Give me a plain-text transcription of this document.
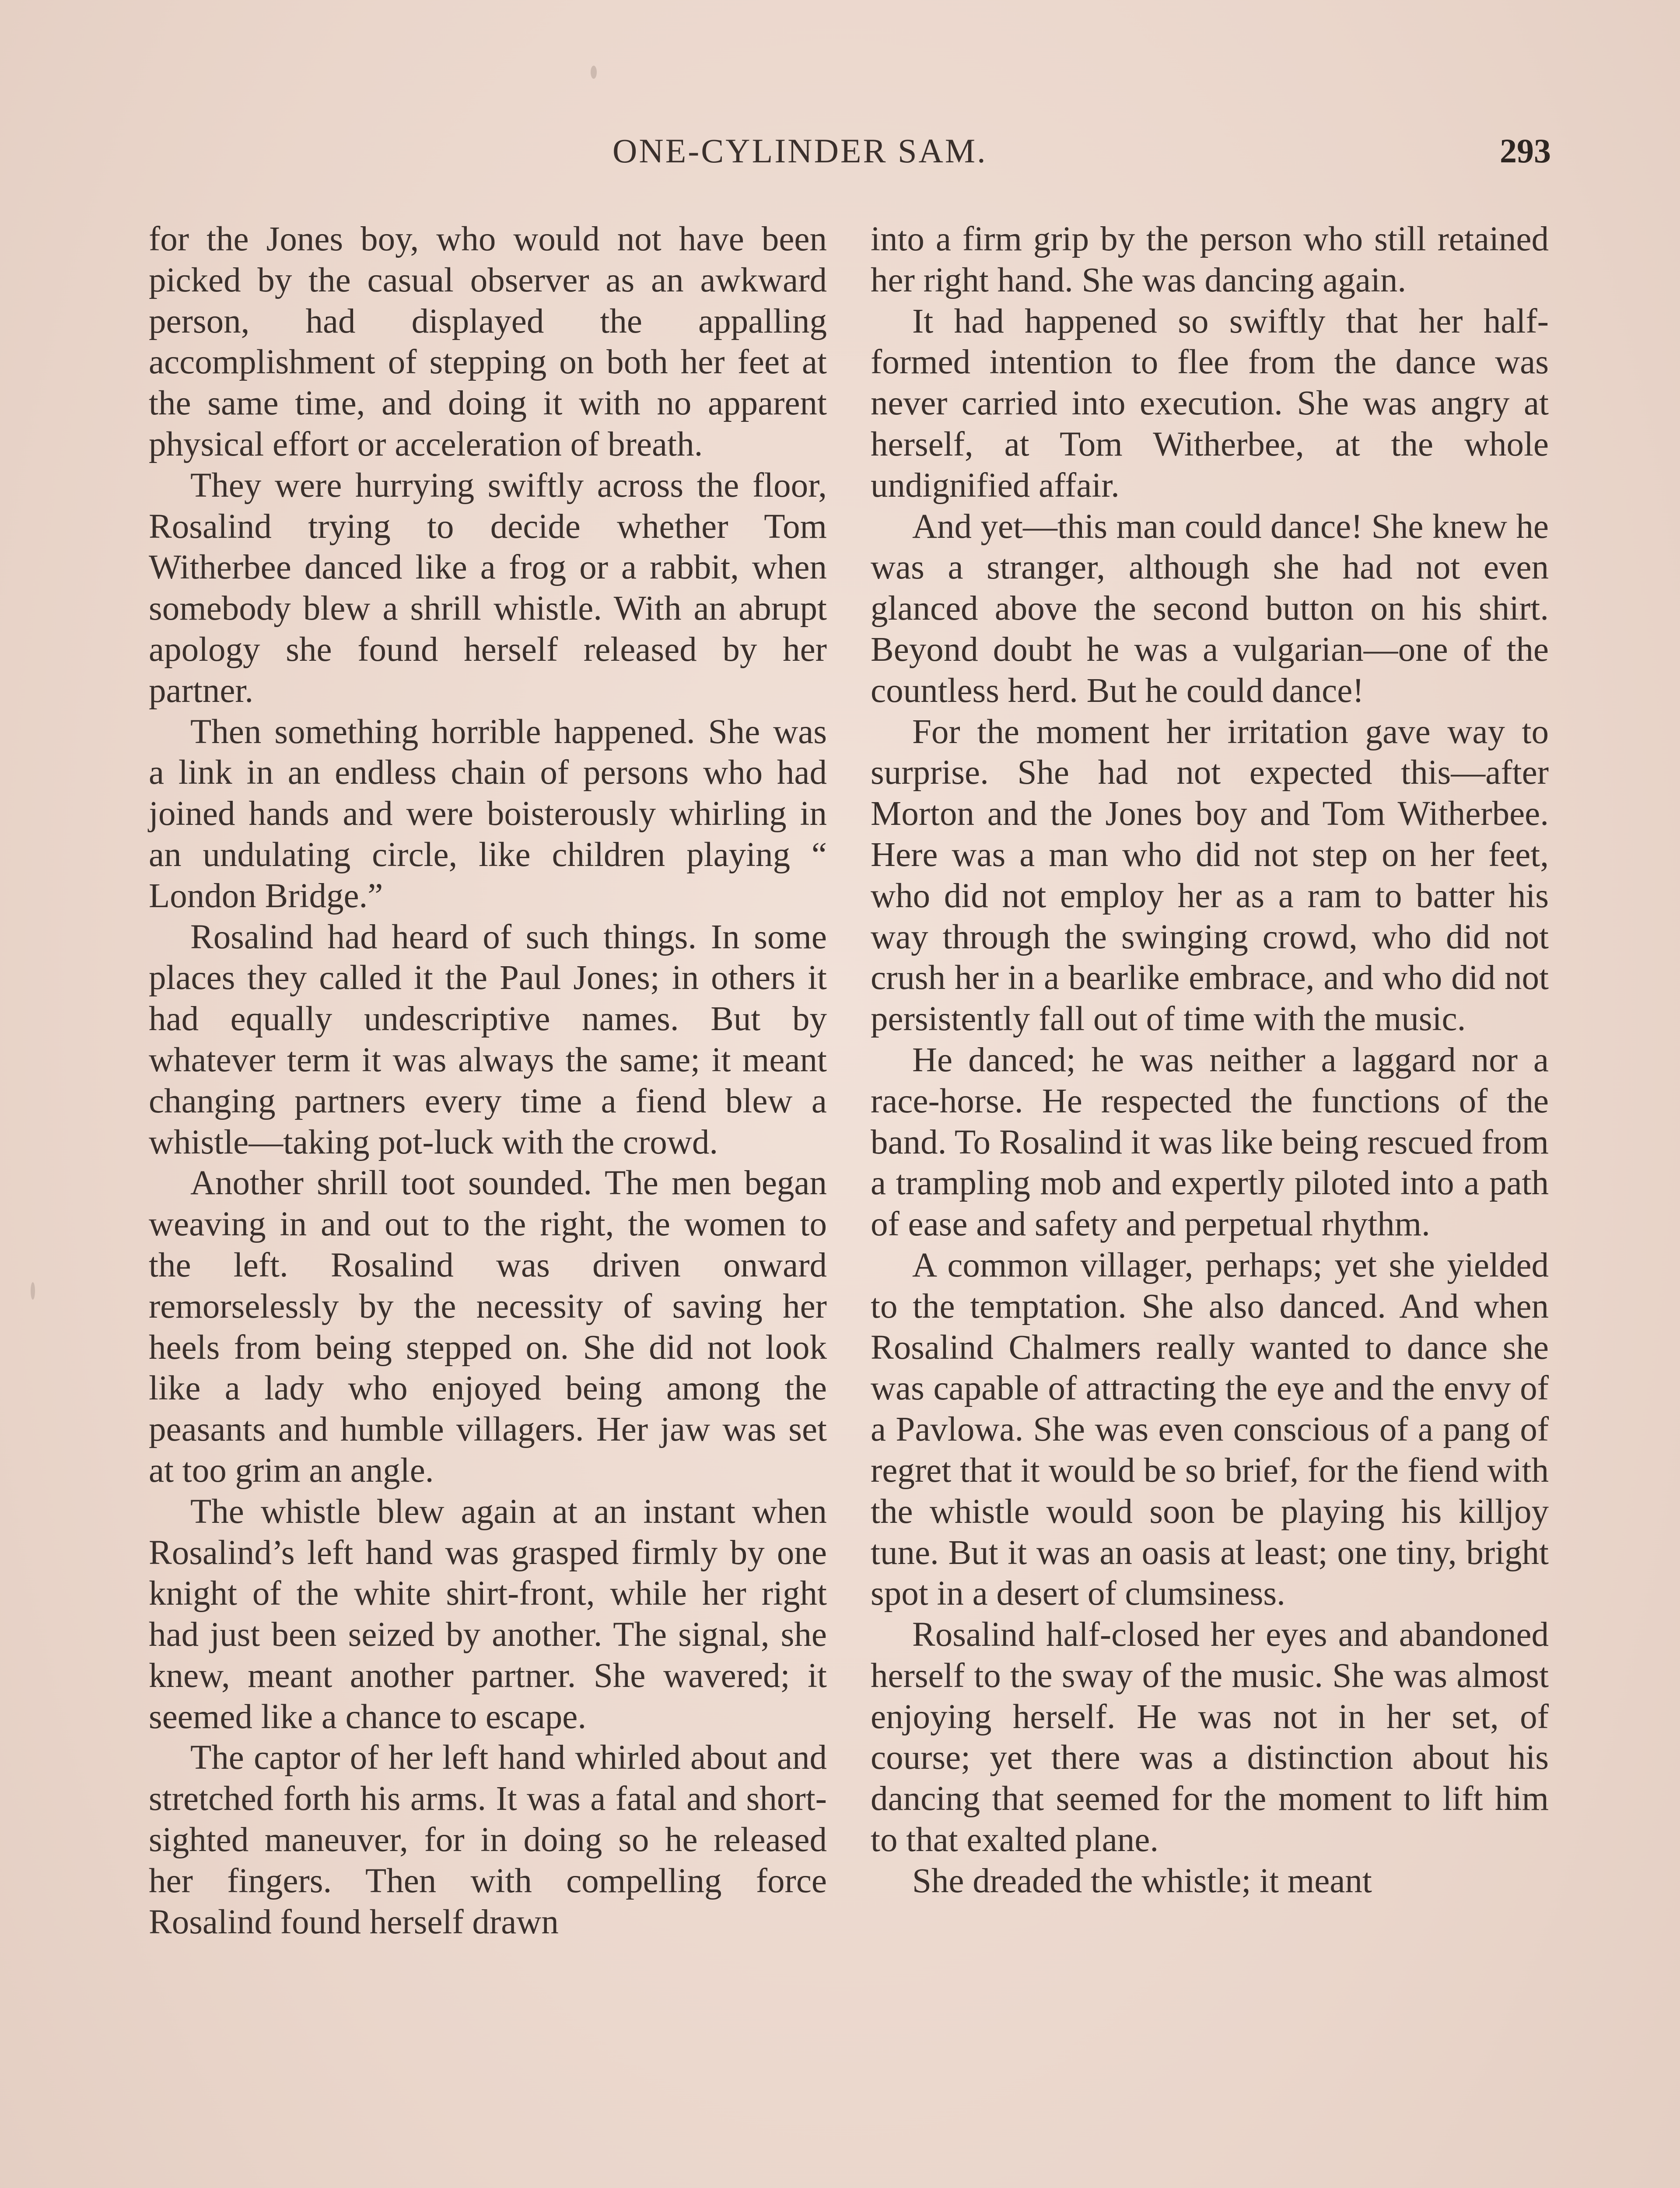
ONE-CYLINDER SAM.	293

for the Jones boy, who would not have been picked by the casual observer as an awkward person, had displayed the appalling accomplishment of stepping on both her feet at the same time, and doing it with no apparent physical effort or acceleration of breath.

They were hurrying swiftly across the floor, Rosalind trying to decide whether Tom Witherbee danced like a frog or a rabbit, when somebody blew a shrill whistle. With an abrupt apology she found herself released by her partner.

Then something horrible happened. She was a link in an endless chain of persons who had joined hands and were boisterously whirling in an undulating circle, like children playing “ London Bridge.”

Rosalind had heard of such things. In some places they called it the Paul Jones; in others it had equally undescriptive names. But by whatever term it was always the same; it meant changing partners every time a fiend blew a whistle—taking pot-luck with the crowd.

Another shrill toot sounded. The men began weaving in and out to the right, the women to the left. Rosalind was driven onward remorselessly by the necessity of saving her heels from being stepped on. She did not look like a lady who enjoyed being among the peasants and humble villagers. Her jaw was set at too grim an angle.

The whistle blew again at an instant when Rosalind’s left hand was grasped firmly by one knight of the white shirt-front, while her right had just been seized by another. The signal, she knew, meant another partner. She wavered; it seemed like a chance to escape.

The captor of her left hand whirled about and stretched forth his arms. It was a fatal and short-sighted maneuver, for in doing so he released her fingers. Then with compelling force Rosalind found herself drawn

into a firm grip by the person who still retained her right hand. She was dancing again.

It had happened so swiftly that her half-formed intention to flee from the dance was never carried into execution. She was angry at herself, at Tom Witherbee, at the whole undignified affair.

And yet—this man could dance! She knew he was a stranger, although she had not even glanced above the second button on his shirt. Beyond doubt he was a vulgarian—one of the countless herd. But he could dance!

For the moment her irritation gave way to surprise. She had not expected this—after Morton and the Jones boy and Tom Witherbee. Here was a man who did not step on her feet, who did not employ her as a ram to batter his way through the swinging crowd, who did not crush her in a bearlike embrace, and who did not persistently fall out of time with the music.

He danced; he was neither a laggard nor a race-horse. He respected the functions of the band. To Rosalind it was like being rescued from a trampling mob and expertly piloted into a path of ease and safety and perpetual rhythm.

A common villager, perhaps; yet she yielded to the temptation. She also danced. And when Rosalind Chalmers really wanted to dance she was capable of attracting the eye and the envy of a Pavlowa. She was even conscious of a pang of regret that it would be so brief, for the fiend with the whistle would soon be playing his killjoy tune. But it was an oasis at least; one tiny, bright spot in a desert of clumsiness.

Rosalind half-closed her eyes and abandoned herself to the sway of the music. She was almost enjoying herself. He was not in her set, of course; yet there was a distinction about his dancing that seemed for the moment to lift him to that exalted plane.

She dreaded the whistle; it meant
